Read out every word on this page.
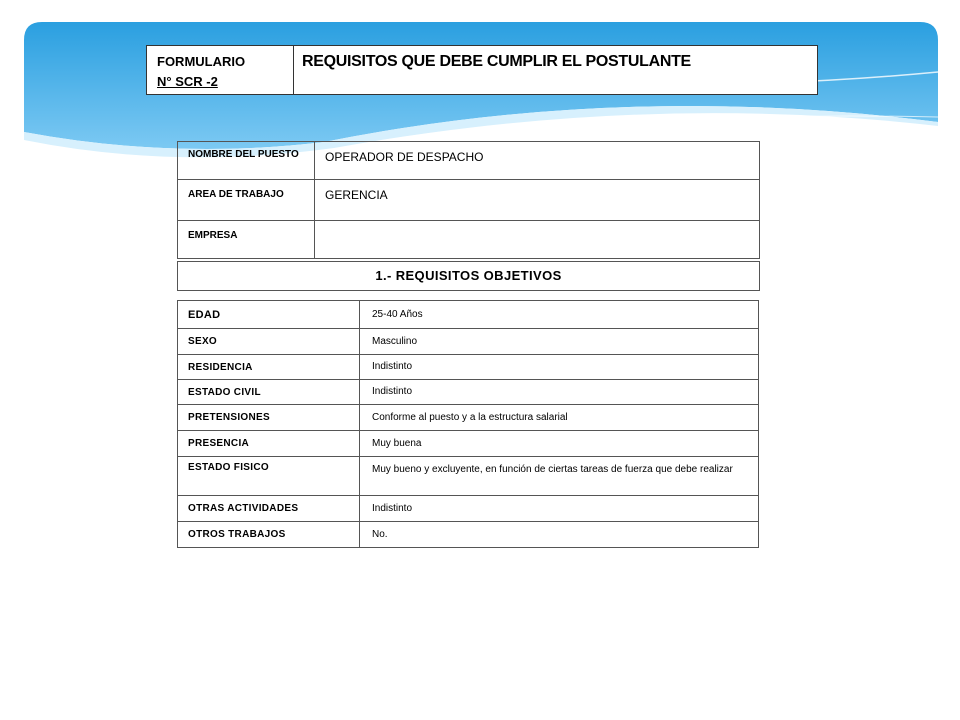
FORMULARIO
N° SCR -2
	REQUISITOS QUE DEBE CUMPLIR EL POSTULANTE
NOMBRE DEL PUESTO	OPERADOR DE DESPACHO
AREA DE TRABAJO	GERENCIA
EMPRESA	
1.- REQUISITOS OBJETIVOS
EDAD	25-40 Años
SEXO	Masculino
RESIDENCIA	Indistinto
ESTADO CIVIL	Indistinto
PRETENSIONES	Conforme al puesto y a la estructura salarial
PRESENCIA	Muy buena
ESTADO FISICO	Muy bueno y excluyente, en función de ciertas tareas de fuerza que debe realizar
OTRAS ACTIVIDADES	Indistinto
OTROS TRABAJOS	No.
